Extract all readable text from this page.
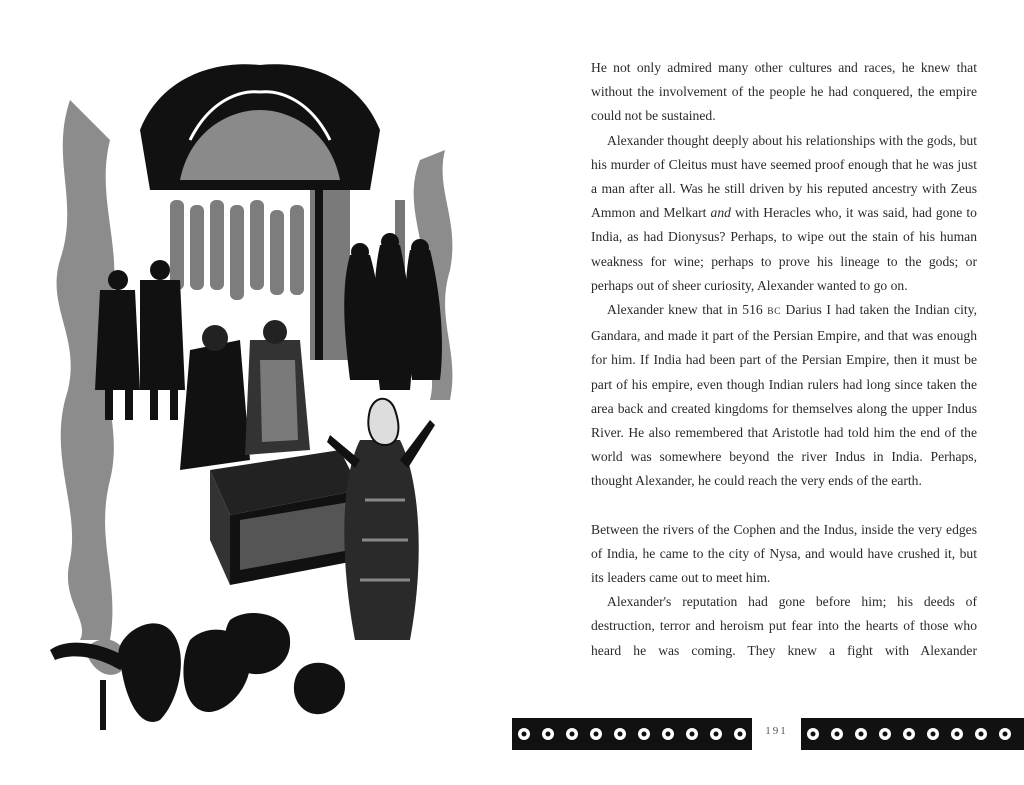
He not only admired many other cultures and races, he knew that without the involvement of the people he had conquered, the empire could not be sustained.

Alexander thought deeply about his relationships with the gods, but his murder of Cleitus must have seemed proof enough that he was just a man after all. Was he still driven by his reputed ancestry with Zeus Ammon and Melkart and with Heracles who, it was said, had gone to India, as had Dionysus? Perhaps, to wipe out the stain of his human weakness for wine; perhaps to prove his lineage to the gods; or perhaps out of sheer curiosity, Alexander wanted to go on.

Alexander knew that in 516 BC Darius I had taken the Indian city, Gandara, and made it part of the Persian Empire, and that was enough for him. If India had been part of the Persian Empire, then it must be part of his empire, even though Indian rulers had long since taken the area back and created kingdoms for themselves along the upper Indus River. He also remembered that Aristotle had told him the end of the world was somewhere beyond the river Indus in India. Perhaps, thought Alexander, he could reach the very ends of the earth.

Between the rivers of the Cophen and the Indus, inside the very edges of India, he came to the city of Nysa, and would have crushed it, but its leaders came out to meet him.

Alexander's reputation had gone before him; his deeds of destruction, terror and heroism put fear into the hearts of those who heard he was coming. They knew a fight with Alexander

191
